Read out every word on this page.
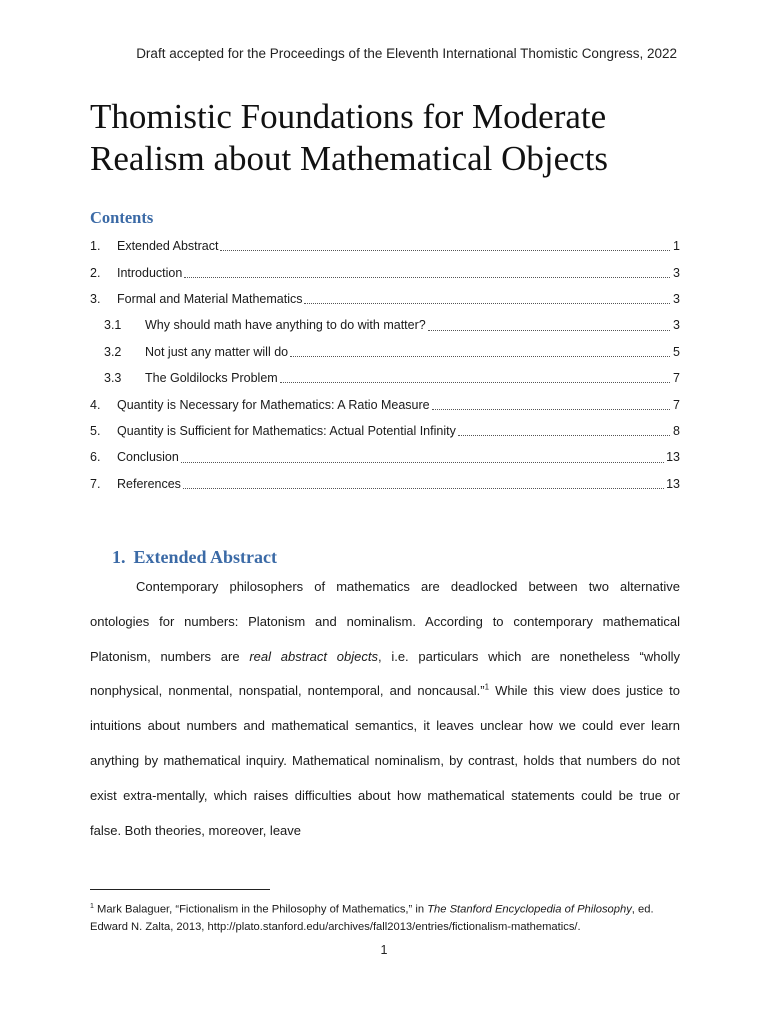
Draft accepted for the Proceedings of the Eleventh International Thomistic Congress, 2022
Thomistic Foundations for Moderate
Realism about Mathematical Objects
Contents
1.	Extended Abstract	1
2.	Introduction	3
3.	Formal and Material Mathematics	3
3.1	Why should math have anything to do with matter?	3
3.2	Not just any matter will do	5
3.3	The Goldilocks Problem	7
4.	Quantity is Necessary for Mathematics: A Ratio Measure	7
5.	Quantity is Sufficient for Mathematics: Actual Potential Infinity	8
6.	Conclusion	13
7.	References	13
1. Extended Abstract
Contemporary philosophers of mathematics are deadlocked between two alternative ontologies for numbers: Platonism and nominalism. According to contemporary mathematical Platonism, numbers are real abstract objects, i.e. particulars which are nonetheless “wholly nonphysical, nonmental, nonspatial, nontemporal, and noncausal.”$^1$ While this view does justice to intuitions about numbers and mathematical semantics, it leaves unclear how we could ever learn anything by mathematical inquiry. Mathematical nominalism, by contrast, holds that numbers do not exist extra-mentally, which raises difficulties about how mathematical statements could be true or false. Both theories, moreover, leave
$^1$ Mark Balaguer, “Fictionalism in the Philosophy of Mathematics,” in The Stanford Encyclopedia of Philosophy, ed. Edward N. Zalta, 2013, http://plato.stanford.edu/archives/fall2013/entries/fictionalism-mathematics/.
1
